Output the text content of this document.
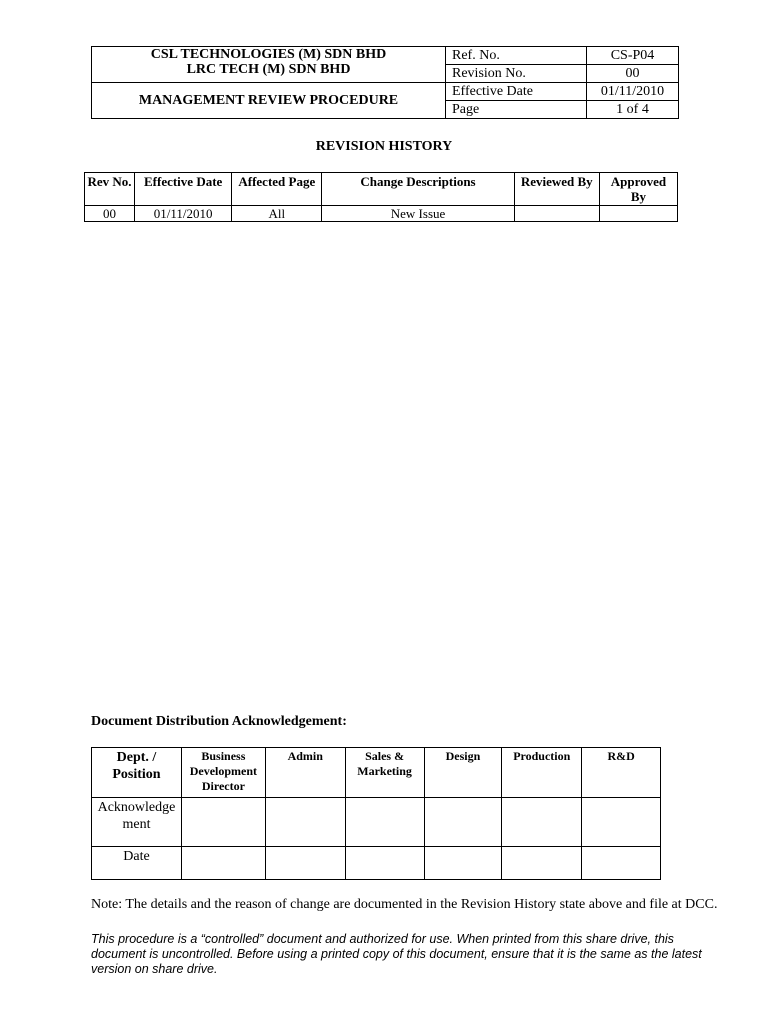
CSL TECHNOLOGIES (M) SDN BHD
LRC TECH (M) SDN BHD	Ref. No.	CS-P04
	Revision No.	00
MANAGEMENT REVIEW PROCEDURE	Effective Date	01/11/2010
	Page	1 of 4
REVISION HISTORY
Rev No.	Effective Date	Affected Page	Change Descriptions	Reviewed By	Approved By
00	01/11/2010	All	New Issue		
Document Distribution Acknowledgement:
Dept. / Position	Business Development Director	Admin	Sales & Marketing	Design	Production	R&D
Acknowledge ment						
Date						
Note: The details and the reason of change are documented in the Revision History state above and file at DCC.
This procedure is a “controlled” document and authorized for use. When printed from this share drive, this document is uncontrolled. Before using a printed copy of this document, ensure that it is the same as the latest version on share drive.
